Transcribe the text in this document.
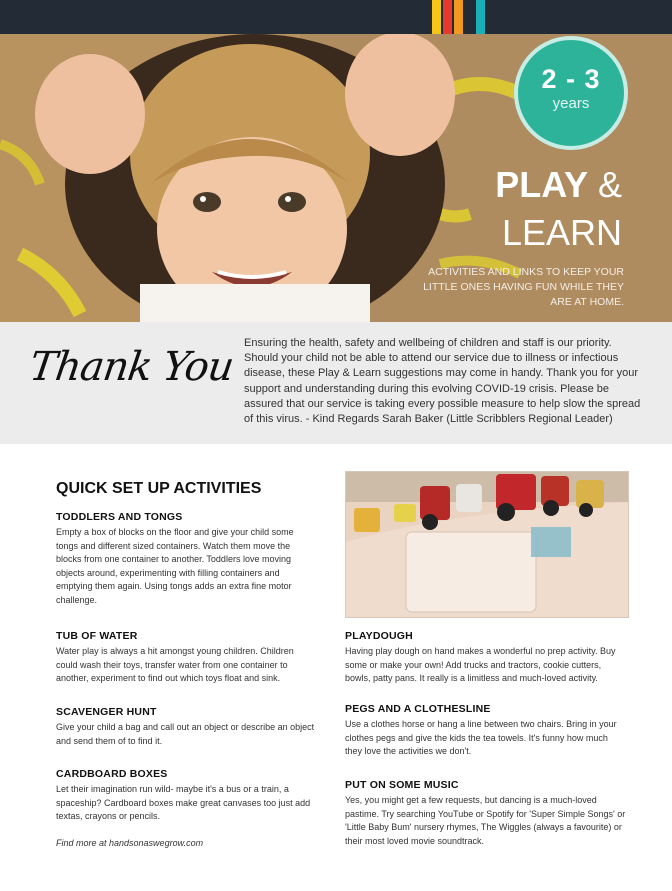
2 - 3
years
PLAY &
LEARN
ACTIVITIES AND LINKS TO KEEP YOUR LITTLE ONES HAVING FUN WHILE THEY ARE AT HOME.
Thank You
Ensuring the health, safety and wellbeing of children and staff is our priority. Should your child not be able to attend our service due to illness or infectious disease, these Play & Learn suggestions may come in handy. Thank you for your support and understanding during this evolving COVID-19 crisis. Please be assured that our service is taking every possible measure to help slow the spread of this virus. - Kind Regards Sarah Baker (Little Scribblers Regional Leader)
QUICK SET UP ACTIVITIES
TODDLERS AND TONGS

Empty a box of blocks on the floor and give your child some tongs and different sized containers. Watch them move the blocks from one container to another. Toddlers love moving objects around, experimenting with filling containers and emptying them again. Using tongs adds an extra fine motor challenge.

TUB OF WATER

Water play is always a hit amongst young children. Children could wash their toys, transfer water from one container to another, experiment to find out which toys float and sink.

SCAVENGER HUNT

Give your child a bag and call out an object or describe an object and send them of to find it.

CARDBOARD BOXES

Let their imagination run wild- maybe it's a bus or a train, a spaceship? Cardboard boxes make great canvases too just add textas, crayons or pencils.

Find more at handsonaswegrow.com
PLAYDOUGH

Having play dough on hand makes a wonderful no prep activity. Buy some or make your own! Add trucks and tractors, cookie cutters, bowls, patty pans. It really is a limitless and much-loved activity.

PEGS AND A CLOTHESLINE

Use a clothes horse or hang a line between two chairs. Bring in your clothes pegs and give the kids the tea towels. It's funny how much they love the activities we don't.

PUT ON SOME MUSIC

Yes, you might get a few requests, but dancing is a much-loved pastime. Try searching YouTube or Spotify for 'Super Simple Songs' or 'Little Baby Bum' nursery rhymes, The Wiggles (always a favourite) or their most loved movie soundtrack.
